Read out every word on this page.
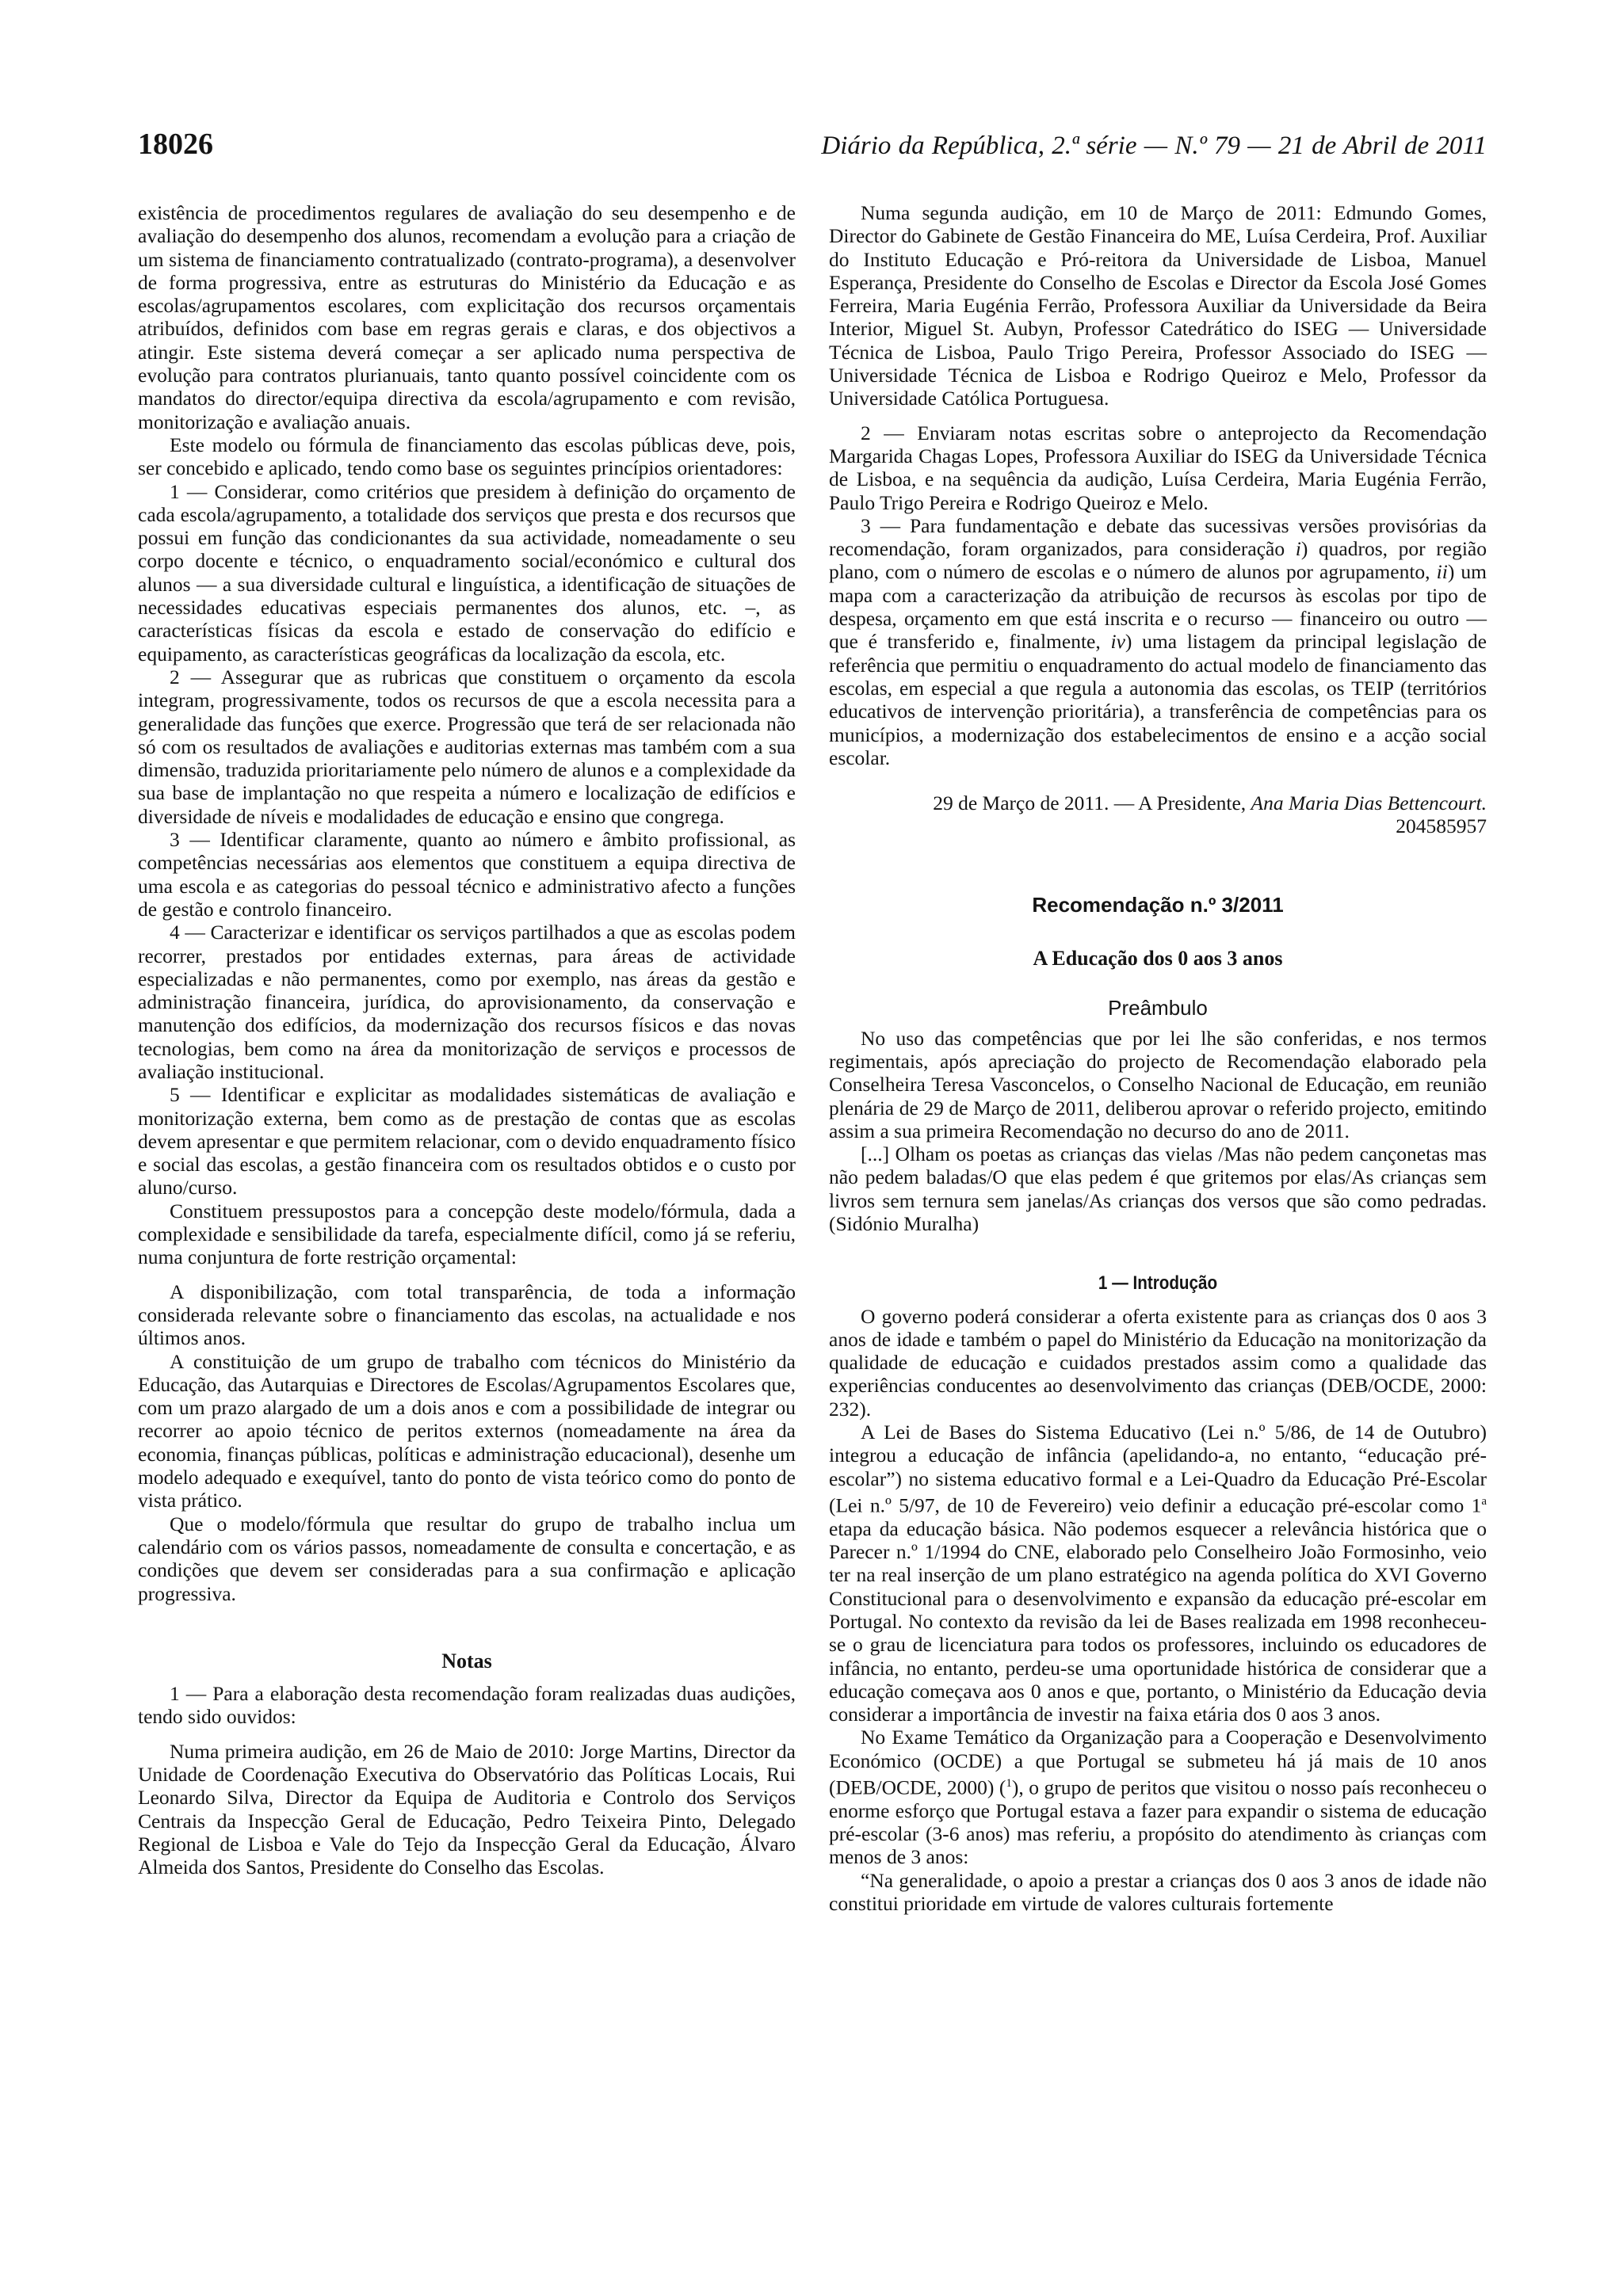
18026	Diário da República, 2.ª série — N.º 79 — 21 de Abril de 2011

existência de procedimentos regulares de avaliação do seu desempenho e de avaliação do desempenho dos alunos, recomendam a evolução para a criação de um sistema de financiamento contratualizado (contrato-programa), a desenvolver de forma progressiva, entre as estruturas do Ministério da Educação e as escolas/agrupamentos escolares, com explicitação dos recursos orçamentais atribuídos, definidos com base em regras gerais e claras, e dos objectivos a atingir. Este sistema deverá começar a ser aplicado numa perspectiva de evolução para contratos plurianuais, tanto quanto possível coincidente com os mandatos do director/equipa directiva da escola/agrupamento e com revisão, monitorização e avaliação anuais.

Este modelo ou fórmula de financiamento das escolas públicas deve, pois, ser concebido e aplicado, tendo como base os seguintes princípios orientadores:

1 — Considerar, como critérios que presidem à definição do orçamento de cada escola/agrupamento, a totalidade dos serviços que presta e dos recursos que possui em função das condicionantes da sua actividade, nomeadamente o seu corpo docente e técnico, o enquadramento social/económico e cultural dos alunos — a sua diversidade cultural e linguística, a identificação de situações de necessidades educativas especiais permanentes dos alunos, etc. –, as características físicas da escola e estado de conservação do edifício e equipamento, as características geográficas da localização da escola, etc.

2 — Assegurar que as rubricas que constituem o orçamento da escola integram, progressivamente, todos os recursos de que a escola necessita para a generalidade das funções que exerce. Progressão que terá de ser relacionada não só com os resultados de avaliações e auditorias externas mas também com a sua dimensão, traduzida prioritariamente pelo número de alunos e a complexidade da sua base de implantação no que respeita a número e localização de edifícios e diversidade de níveis e modalidades de educação e ensino que congrega.

3 — Identificar claramente, quanto ao número e âmbito profissional, as competências necessárias aos elementos que constituem a equipa directiva de uma escola e as categorias do pessoal técnico e administrativo afecto a funções de gestão e controlo financeiro.

4 — Caracterizar e identificar os serviços partilhados a que as escolas podem recorrer, prestados por entidades externas, para áreas de actividade especializadas e não permanentes, como por exemplo, nas áreas da gestão e administração financeira, jurídica, do aprovisionamento, da conservação e manutenção dos edifícios, da modernização dos recursos físicos e das novas tecnologias, bem como na área da monitorização de serviços e processos de avaliação institucional.

5 — Identificar e explicitar as modalidades sistemáticas de avaliação e monitorização externa, bem como as de prestação de contas que as escolas devem apresentar e que permitem relacionar, com o devido enquadramento físico e social das escolas, a gestão financeira com os resultados obtidos e o custo por aluno/curso.

Constituem pressupostos para a concepção deste modelo/fórmula, dada a complexidade e sensibilidade da tarefa, especialmente difícil, como já se referiu, numa conjuntura de forte restrição orçamental:

A disponibilização, com total transparência, de toda a informação considerada relevante sobre o financiamento das escolas, na actualidade e nos últimos anos.

A constituição de um grupo de trabalho com técnicos do Ministério da Educação, das Autarquias e Directores de Escolas/Agrupamentos Escolares que, com um prazo alargado de um a dois anos e com a possibilidade de integrar ou recorrer ao apoio técnico de peritos externos (nomeadamente na área da economia, finanças públicas, políticas e administração educacional), desenhe um modelo adequado e exequível, tanto do ponto de vista teórico como do ponto de vista prático.

Que o modelo/fórmula que resultar do grupo de trabalho inclua um calendário com os vários passos, nomeadamente de consulta e concertação, e as condições que devem ser consideradas para a sua confirmação e aplicação progressiva.

Notas

1 — Para a elaboração desta recomendação foram realizadas duas audições, tendo sido ouvidos:

Numa primeira audição, em 26 de Maio de 2010: Jorge Martins, Director da Unidade de Coordenação Executiva do Observatório das Políticas Locais, Rui Leonardo Silva, Director da Equipa de Auditoria e Controlo dos Serviços Centrais da Inspecção Geral de Educação, Pedro Teixeira Pinto, Delegado Regional de Lisboa e Vale do Tejo da Inspecção Geral da Educação, Álvaro Almeida dos Santos, Presidente do Conselho das Escolas.

Numa segunda audição, em 10 de Março de 2011: Edmundo Gomes, Director do Gabinete de Gestão Financeira do ME, Luísa Cerdeira, Prof. Auxiliar do Instituto Educação e Pró-reitora da Universidade de Lisboa, Manuel Esperança, Presidente do Conselho de Escolas e Director da Escola José Gomes Ferreira, Maria Eugénia Ferrão, Professora Auxiliar da Universidade da Beira Interior, Miguel St. Aubyn, Professor Catedrático do ISEG — Universidade Técnica de Lisboa, Paulo Trigo Pereira, Professor Associado do ISEG — Universidade Técnica de Lisboa e Rodrigo Queiroz e Melo, Professor da Universidade Católica Portuguesa.

2 — Enviaram notas escritas sobre o anteprojecto da Recomendação Margarida Chagas Lopes, Professora Auxiliar do ISEG da Universidade Técnica de Lisboa, e na sequência da audição, Luísa Cerdeira, Maria Eugénia Ferrão, Paulo Trigo Pereira e Rodrigo Queiroz e Melo.

3 — Para fundamentação e debate das sucessivas versões provisórias da recomendação, foram organizados, para consideração i) quadros, por região plano, com o número de escolas e o número de alunos por agrupamento, ii) um mapa com a caracterização da atribuição de recursos às escolas por tipo de despesa, orçamento em que está inscrita e o recurso — financeiro ou outro — que é transferido e, finalmente, iv) uma listagem da principal legislação de referência que permitiu o enquadramento do actual modelo de financiamento das escolas, em especial a que regula a autonomia das escolas, os TEIP (territórios educativos de intervenção prioritária), a transferência de competências para os municípios, a modernização dos estabelecimentos de ensino e a acção social escolar.

29 de Março de 2011. — A Presidente, Ana Maria Dias Bettencourt.
204585957

Recomendação n.º 3/2011
A Educação dos 0 aos 3 anos
Preâmbulo

No uso das competências que por lei lhe são conferidas, e nos termos regimentais, após apreciação do projecto de Recomendação elaborado pela Conselheira Teresa Vasconcelos, o Conselho Nacional de Educação, em reunião plenária de 29 de Março de 2011, deliberou aprovar o referido projecto, emitindo assim a sua primeira Recomendação no decurso do ano de 2011.

[...] Olham os poetas as crianças das vielas /Mas não pedem cançonetas mas não pedem baladas/O que elas pedem é que gritemos por elas/As crianças sem livros sem ternura sem janelas/As crianças dos versos que são como pedradas. (Sidónio Muralha)

1 — Introdução

O governo poderá considerar a oferta existente para as crianças dos 0 aos 3 anos de idade e também o papel do Ministério da Educação na monitorização da qualidade de educação e cuidados prestados assim como a qualidade das experiências conducentes ao desenvolvimento das crianças (DEB/OCDE, 2000: 232).

A Lei de Bases do Sistema Educativo (Lei n.º 5/86, de 14 de Outubro) integrou a educação de infância (apelidando-a, no entanto, “educação pré-escolar”) no sistema educativo formal e a Lei-Quadro da Educação Pré-Escolar (Lei n.º 5/97, de 10 de Fevereiro) veio definir a educação pré-escolar como 1$^a$ etapa da educação básica. Não podemos esquecer a relevância histórica que o Parecer n.º 1/1994 do CNE, elaborado pelo Conselheiro João Formosinho, veio ter na real inserção de um plano estratégico na agenda política do XVI Governo Constitucional para o desenvolvimento e expansão da educação pré-escolar em Portugal. No contexto da revisão da lei de Bases realizada em 1998 reconheceu-se o grau de licenciatura para todos os professores, incluindo os educadores de infância, no entanto, perdeu-se uma oportunidade histórica de considerar que a educação começava aos 0 anos e que, portanto, o Ministério da Educação devia considerar a importância de investir na faixa etária dos 0 aos 3 anos.

No Exame Temático da Organização para a Cooperação e Desenvolvimento Económico (OCDE) a que Portugal se submeteu há já mais de 10 anos (DEB/OCDE, 2000) ($^1$), o grupo de peritos que visitou o nosso país reconheceu o enorme esforço que Portugal estava a fazer para expandir o sistema de educação pré-escolar (3-6 anos) mas referiu, a propósito do atendimento às crianças com menos de 3 anos:

“Na generalidade, o apoio a prestar a crianças dos 0 aos 3 anos de idade não constitui prioridade em virtude de valores culturais fortemente
